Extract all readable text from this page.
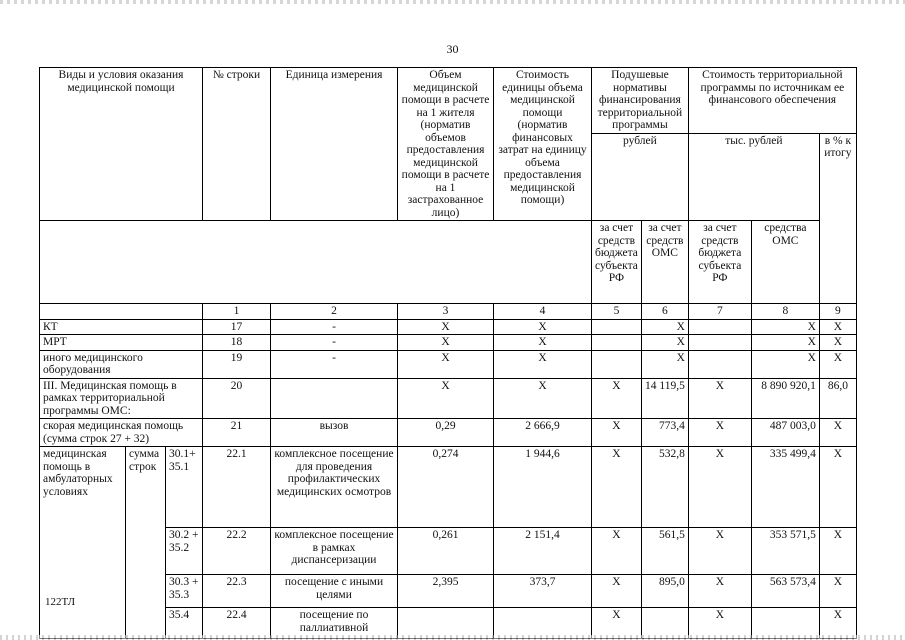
30
Виды и условия оказания медицинской помощи			№ строки	Единица измерения	Объем медицинской помощи в расчете на 1 жителя (норматив объемов предоставления медицинской помощи в расчете на 1 застрахованное лицо)	Стоимость единицы объема медицинской помощи (норматив финансовых затрат на единицу объема предоставления медицинской помощи)	Подушевые нормативы финансирования территориальной программы		Стоимость территориальной программы по источникам ее финансового обеспечения		

							рублей		тыс. рублей		в % к итогу
							за счет средств бюджета субъекта РФ	за счет средств ОМС	за счет средств бюджета субъекта РФ	средства ОМС	
			1	2	3	4	5	6	7	8	9
КТ			17	-	X	X		X		X	X
МРТ			18	-	X	X		X		X	X
иного медицинского оборудования			19	-	X	X		X		X	X
III. Медицинская помощь в рамках территориальной программы ОМС:			20		X	X	X	14 119,5	X	8 890 920,1	86,0
скорая медицинская помощь (сумма строк 27 + 32)			21	вызов	0,29	2 666,9	X	773,4	X	487 003,0	X
медицинская помощь в амбулаторных условиях	сумма строк	30.1+ 35.1	22.1	комплексное посещение для проведения профилактических медицинских осмотров	0,274	1 944,6	X	532,8	X	335 499,4	X
		30.2 + 35.2	22.2	комплексное посещение в рамках диспансеризации	0,261	2 151,4	X	561,5	X	353 571,5	X
		30.3 + 35.3	22.3	посещение с иными целями	2,395	373,7	X	895,0	X	563 573,4	X
		35.4	22.4	посещение по паллиативной			X		X		X
122ТЛ
